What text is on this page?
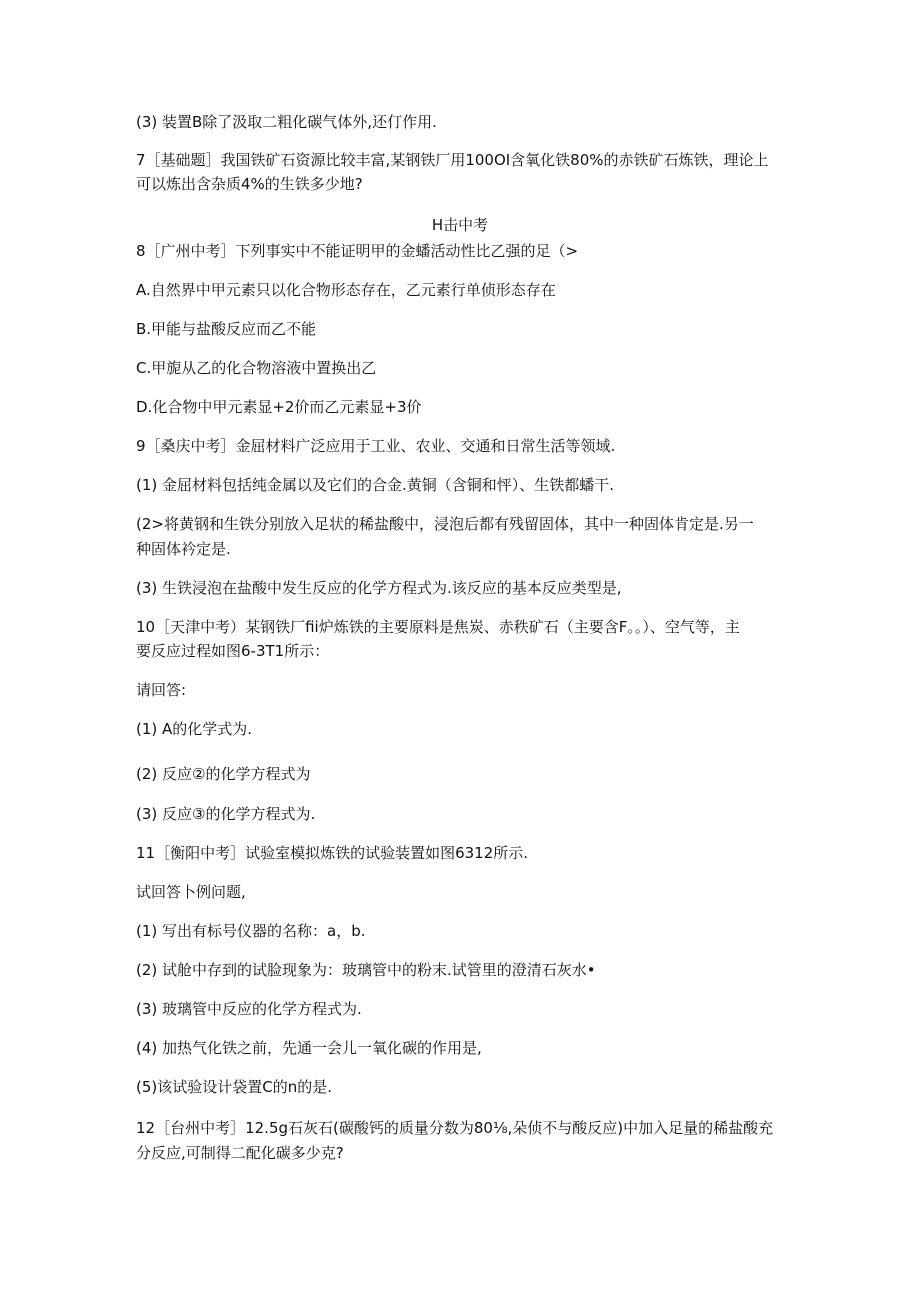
(3) 装置B除了汲取二粗化碳气体外,还仃作用.
7［基础题］我国铁矿石资源比较丰富,某钢铁厂用100OI含氧化铁80%的赤铁矿石炼铁，理论上
可以炼出含杂质4%的生铁多少地?
H击中考
8［广州中考］下列事实中不能证明甲的金蟠活动性比乙强的足（>
A.自然界中甲元素只以化合物形态存在，乙元素行单侦形态存在
B.甲能与盐酸反应而乙不能
C.甲旎从乙的化合物溶液中置换出乙
D.化合物中甲元素显+2价而乙元素显+3价
9［桑庆中考］金屈材料广泛应用于工业、农业、交通和日常生活等领域.
(1) 金屈材料包括纯金属以及它们的合金.黄铜（含铜和怦）、生铁都蟠干.
(2>将黄钢和生铁分别放入足状的稀盐酸中，浸泡后都有残留固体，其中一种固体肯定是.另一
种固体衿定是.
(3) 生铁浸泡在盐酸中发生反应的化学方程式为.该反应的基本反应类型是,
10［天津中考）某钢铁厂fii炉炼铁的主要原料是焦炭、赤秩矿石（主要含F。。）、空气等，主
要反应过程如图6-3T1所示：
请回答:
(1) A的化学式为.
(2) 反应②的化学方程式为
(3) 反应③的化学方程式为.
11［衡阳中考］试验室模拟炼铁的试验装置如图6312所示.
试回答卜例问题,
(1) 写出有标号仪器的名称：a，b.
(2) 试舱中存到的试脸现象为：玻璃管中的粉末.试管里的澄清石灰水•
(3) 玻璃管中反应的化学方程式为.
(4) 加热气化铁之前，先通一会儿一氧化碳的作用是,
(5)该试验设计袋置C的n的是.
12［台州中考］12.5g石灰石(碳酸钙的质量分数为80⅛,朵侦不与酸反应)中加入足量的稀盐酸充
分反应,可制得二配化碳多少克?
